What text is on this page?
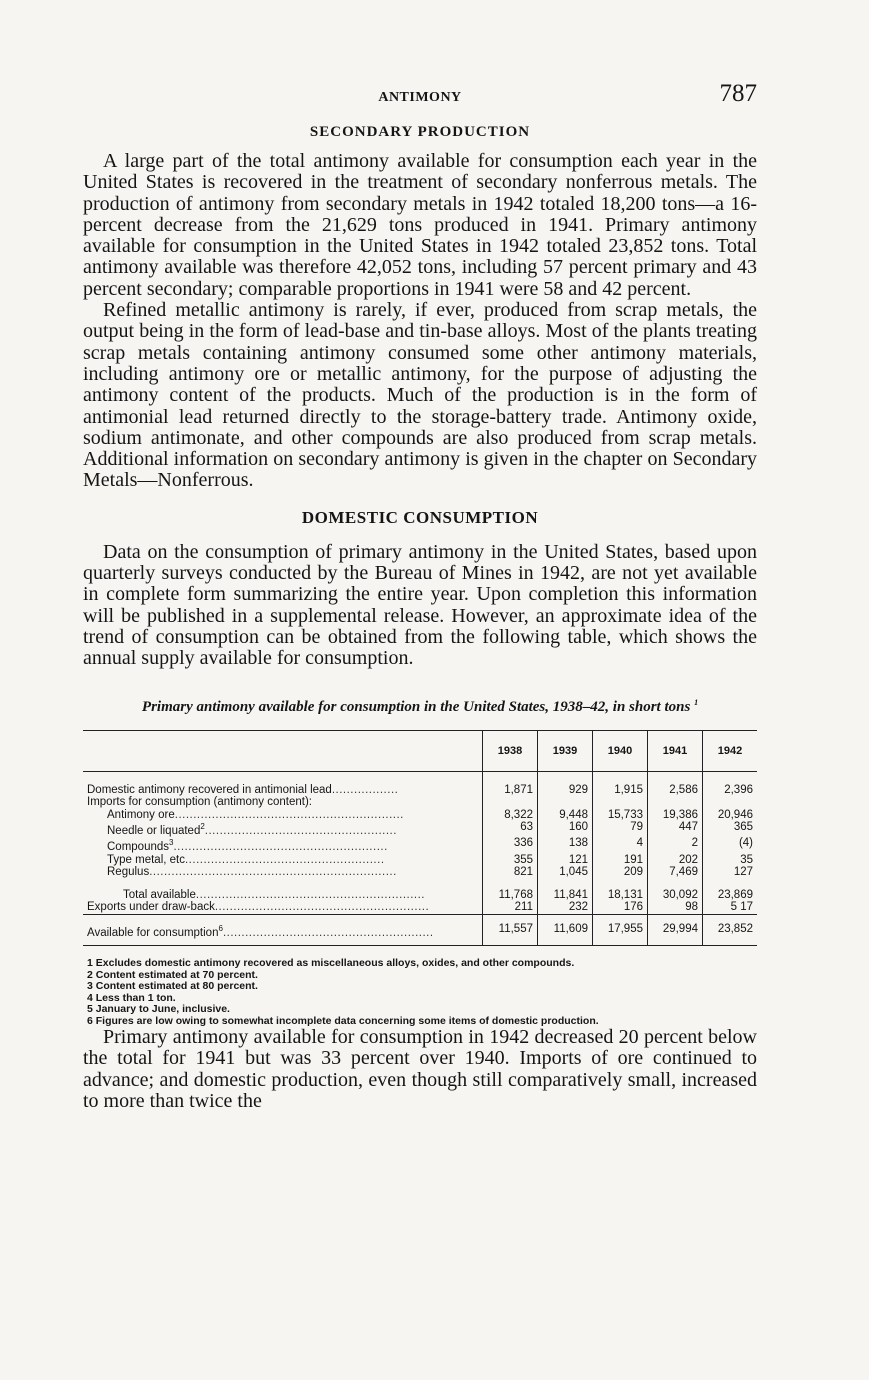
ANTIMONY	787
SECONDARY PRODUCTION

A large part of the total antimony available for consumption each year in the United States is recovered in the treatment of secondary nonferrous metals. The production of antimony from secondary metals in 1942 totaled 18,200 tons—a 16-percent decrease from the 21,629 tons produced in 1941. Primary antimony available for consumption in the United States in 1942 totaled 23,852 tons. Total antimony available was therefore 42,052 tons, including 57 percent primary and 43 percent secondary; comparable proportions in 1941 were 58 and 42 percent.

Refined metallic antimony is rarely, if ever, produced from scrap metals, the output being in the form of lead-base and tin-base alloys. Most of the plants treating scrap metals containing antimony consumed some other antimony materials, including antimony ore or metallic antimony, for the purpose of adjusting the antimony content of the products. Much of the production is in the form of antimonial lead returned directly to the storage-battery trade. Antimony oxide, sodium antimonate, and other compounds are also produced from scrap metals. Additional information on secondary antimony is given in the chapter on Secondary Metals—Nonferrous.

DOMESTIC CONSUMPTION

Data on the consumption of primary antimony in the United States, based upon quarterly surveys conducted by the Bureau of Mines in 1942, are not yet available in complete form summarizing the entire year. Upon completion this information will be published in a supplemental release. However, an approximate idea of the trend of consumption can be obtained from the following table, which shows the annual supply available for consumption.

Primary antimony available for consumption in the United States, 1938–42, in short tons $^1$
	1938	1939	1940	1941	1942
Domestic antimony recovered in antimonial lead..................	1,871	929	1,915	2,586	2,396
Imports for consumption (antimony content):					
Antimony ore..............................................................	8,322	9,448	15,733	19,386	20,946
Needle or liquated$^2$....................................................	63	160	79	447	365
Compounds$^3$..........................................................	336	138	4	2	(4)
Type metal, etc......................................................	355	121	191	202	35
Regulus...................................................................	821	1,045	209	7,469	127
Total available..............................................................	11,768	11,841	18,131	30,092	23,869
Exports under draw-back..........................................................	211	232	176	98	5 17
Available for consumption$^6$.........................................................	11,557	11,609	17,955	29,994	23,852
1 Excludes domestic antimony recovered as miscellaneous alloys, oxides, and other compounds.
2 Content estimated at 70 percent.
3 Content estimated at 80 percent.
4 Less than 1 ton.
5 January to June, inclusive.
6 Figures are low owing to somewhat incomplete data concerning some items of domestic production.

Primary antimony available for consumption in 1942 decreased 20 percent below the total for 1941 but was 33 percent over 1940. Imports of ore continued to advance; and domestic production, even though still comparatively small, increased to more than twice the
